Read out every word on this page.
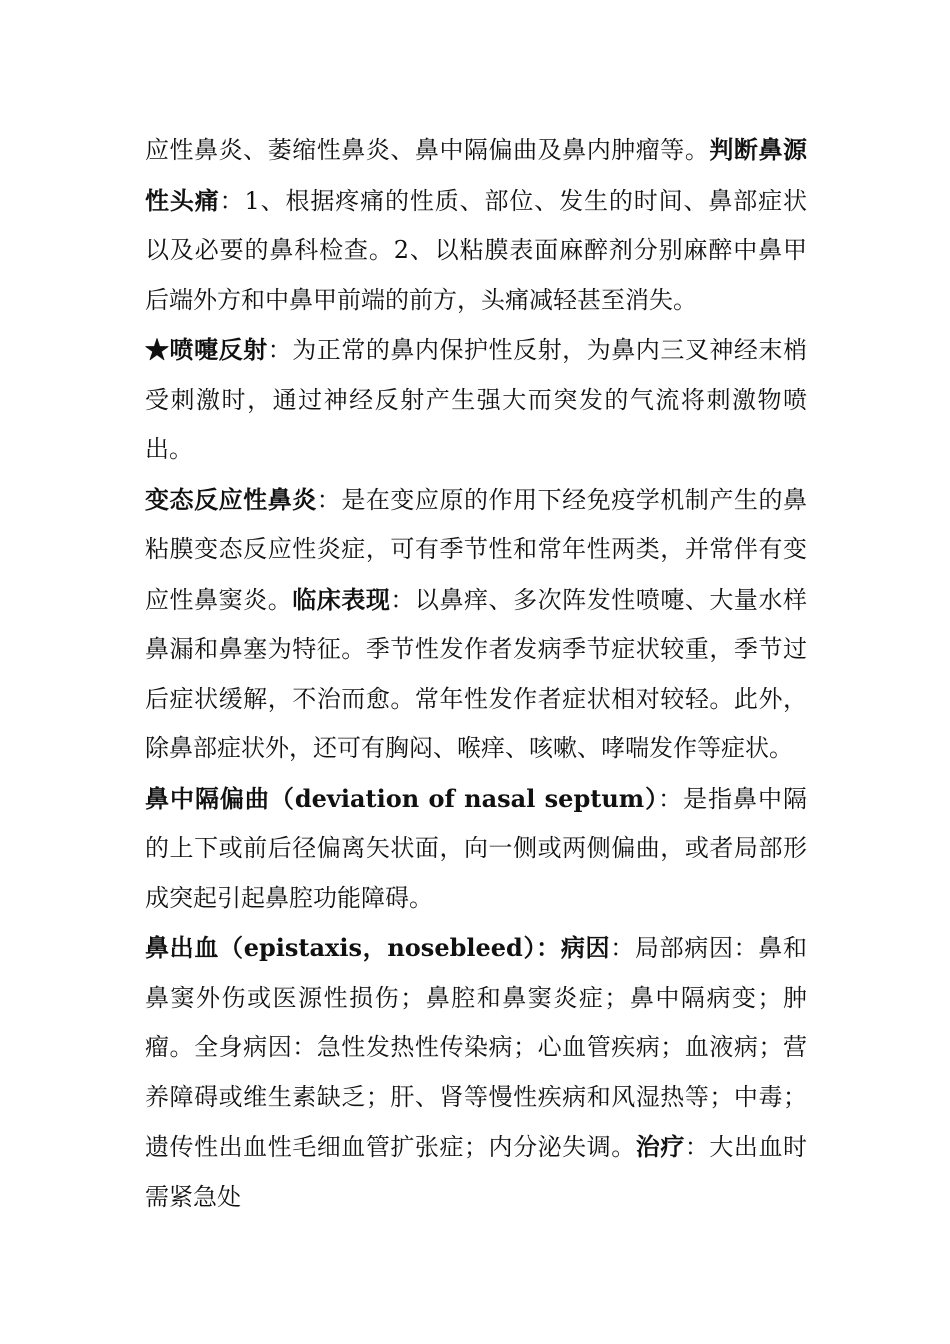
应性鼻炎、萎缩性鼻炎、鼻中隔偏曲及鼻内肿瘤等。判断鼻源性头痛：1、根据疼痛的性质、部位、发生的时间、鼻部症状以及必要的鼻科检查。2、以粘膜表面麻醉剂分别麻醉中鼻甲后端外方和中鼻甲前端的前方，头痛减轻甚至消失。

★喷嚏反射：为正常的鼻内保护性反射，为鼻内三叉神经末梢受刺激时，通过神经反射产生强大而突发的气流将刺激物喷出。

变态反应性鼻炎：是在变应原的作用下经免疫学机制产生的鼻粘膜变态反应性炎症，可有季节性和常年性两类，并常伴有变应性鼻窦炎。临床表现：以鼻痒、多次阵发性喷嚏、大量水样鼻漏和鼻塞为特征。季节性发作者发病季节症状较重，季节过后症状缓解，不治而愈。常年性发作者症状相对较轻。此外，除鼻部症状外，还可有胸闷、喉痒、咳嗽、哮喘发作等症状。

鼻中隔偏曲（deviation of nasal septum）：是指鼻中隔的上下或前后径偏离矢状面，向一侧或两侧偏曲，或者局部形成突起引起鼻腔功能障碍。

鼻出血（epistaxis，nosebleed）：病因：局部病因：鼻和鼻窦外伤或医源性损伤；鼻腔和鼻窦炎症；鼻中隔病变；肿瘤。全身病因：急性发热性传染病；心血管疾病；血液病；营养障碍或维生素缺乏；肝、肾等慢性疾病和风湿热等；中毒；遗传性出血性毛细血管扩张症；内分泌失调。治疗：大出血时需紧急处
